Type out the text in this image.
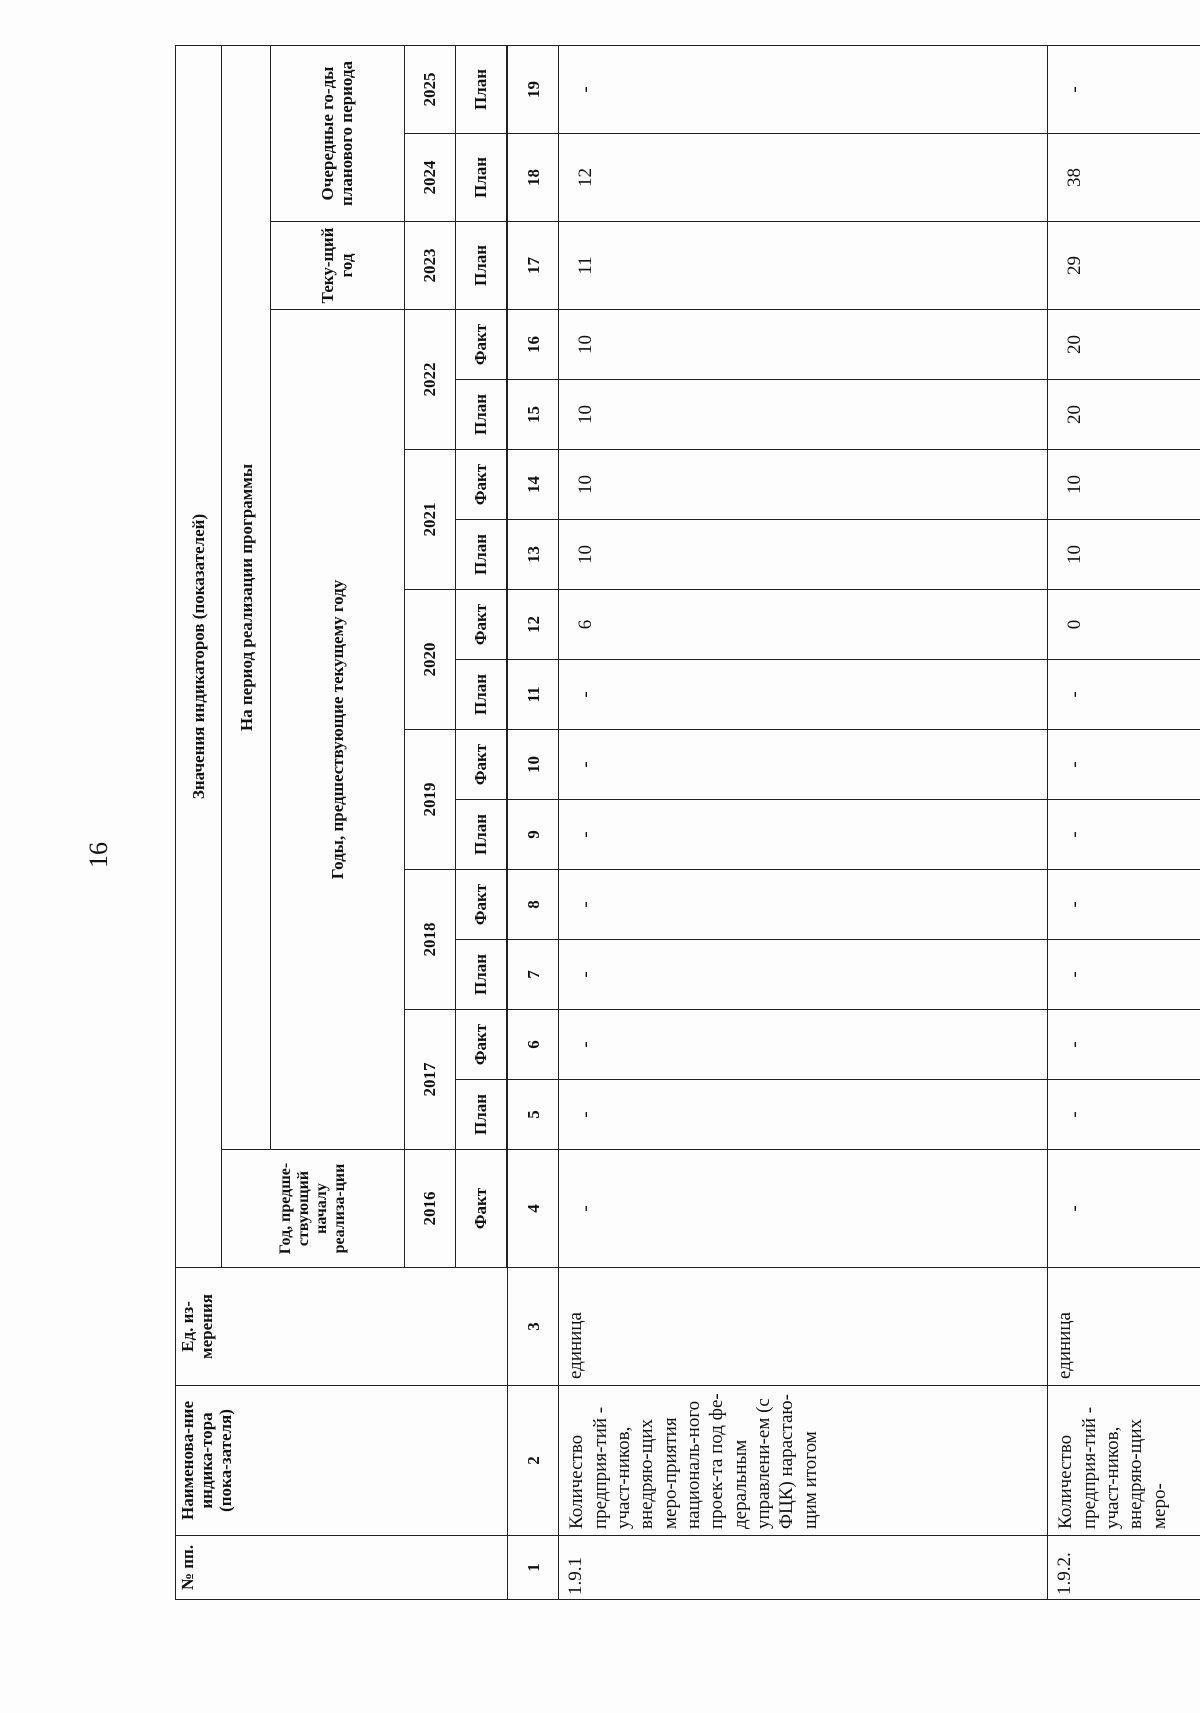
16
№ пп.	Наименова-ние индика-тора (пока-зателя)	Ед. из-мерения	Значения индикаторов (показателей)															
			Год, предше-ствующий началу реализа-ции	На период реализации программы														
				Годы, предшествующие текущему году												Теку-щий год	Очередные го-ды планового периода	
			2016	2017		2018		2019		2020		2021		2022		2023	2024	2025
			Факт	План	Факт	План	Факт	План	Факт	План	Факт	План	Факт	План	Факт	План	План	План

1	2	3	4	5	6	7	8	9	10	11	12	13	14	15	16	17	18	19
1.9.1	Количество предприя-тий - участ-ников, внедряю-щих меро-приятия националь-ного проек-та под фе-деральным управлени-ем (с ФЦК) нарастаю-щим итогом	единица	-	-	-	-	-	-	-	-	6	10	10	10	10	11	12	-
1.9.2.	Количество предприя-тий - участ-ников, внедряю-щих меро-	единица	-	-	-	-	-	-	-	-	0	10	10	20	20	29	38	-
